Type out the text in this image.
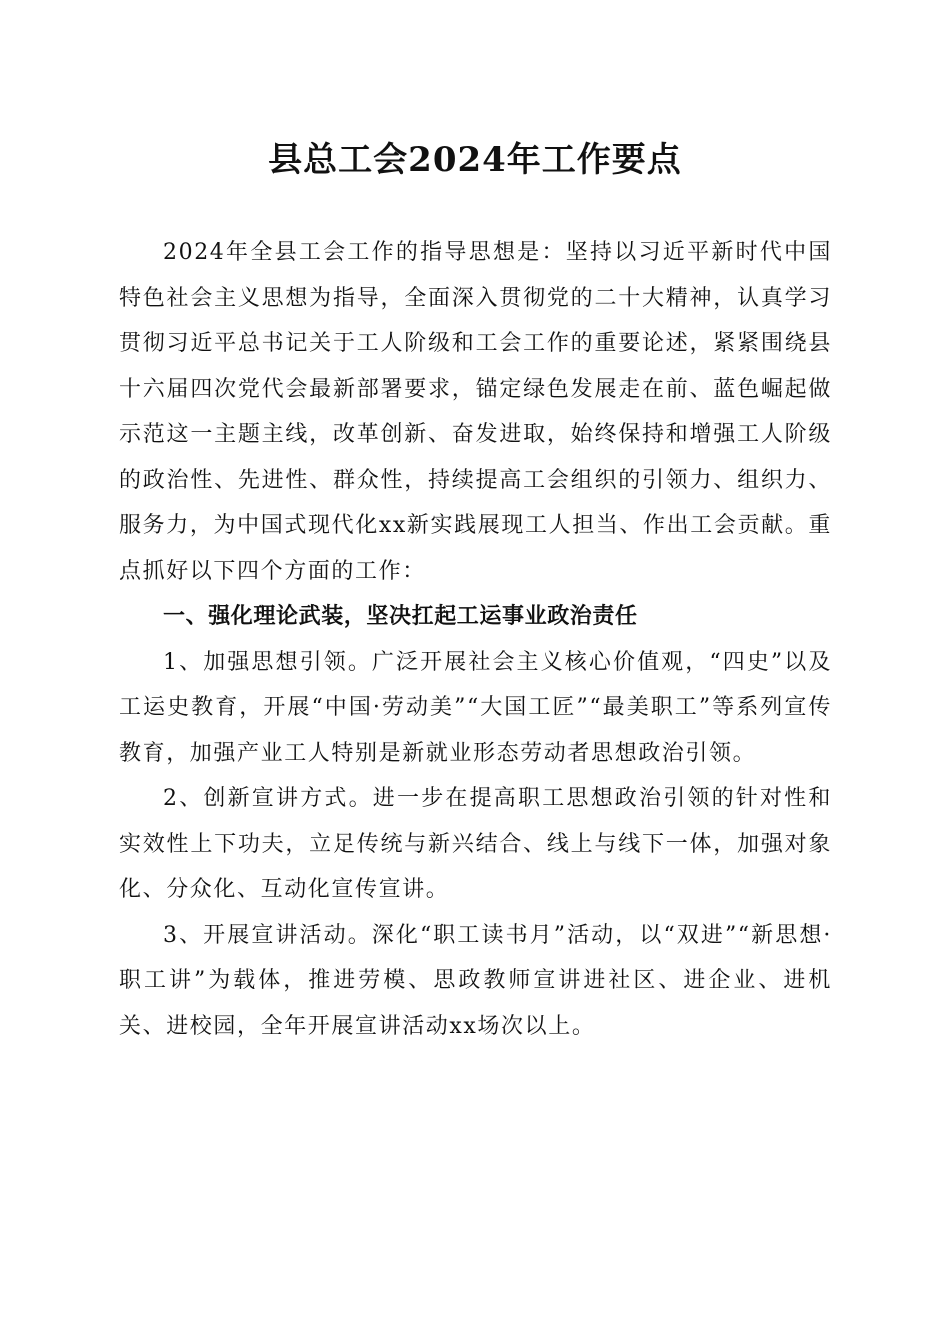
县总工会2024年工作要点

2024年全县工会工作的指导思想是：坚持以习近平新时代中国特色社会主义思想为指导，全面深入贯彻党的二十大精神，认真学习贯彻习近平总书记关于工人阶级和工会工作的重要论述，紧紧围绕县十六届四次党代会最新部署要求，锚定绿色发展走在前、蓝色崛起做示范这一主题主线，改革创新、奋发进取，始终保持和增强工人阶级的政治性、先进性、群众性，持续提高工会组织的引领力、组织力、服务力，为中国式现代化xx新实践展现工人担当、作出工会贡献。重点抓好以下四个方面的工作：

一、强化理论武装，坚决扛起工运事业政治责任

1、加强思想引领。广泛开展社会主义核心价值观，“四史”以及工运史教育，开展“中国·劳动美”“大国工匠”“最美职工”等系列宣传教育，加强产业工人特别是新就业形态劳动者思想政治引领。

2、创新宣讲方式。进一步在提高职工思想政治引领的针对性和实效性上下功夫，立足传统与新兴结合、线上与线下一体，加强对象化、分众化、互动化宣传宣讲。

3、开展宣讲活动。深化“职工读书月”活动，以“双进”“新思想·职工讲”为载体，推进劳模、思政教师宣讲进社区、进企业、进机关、进校园，全年开展宣讲活动xx场次以上。
